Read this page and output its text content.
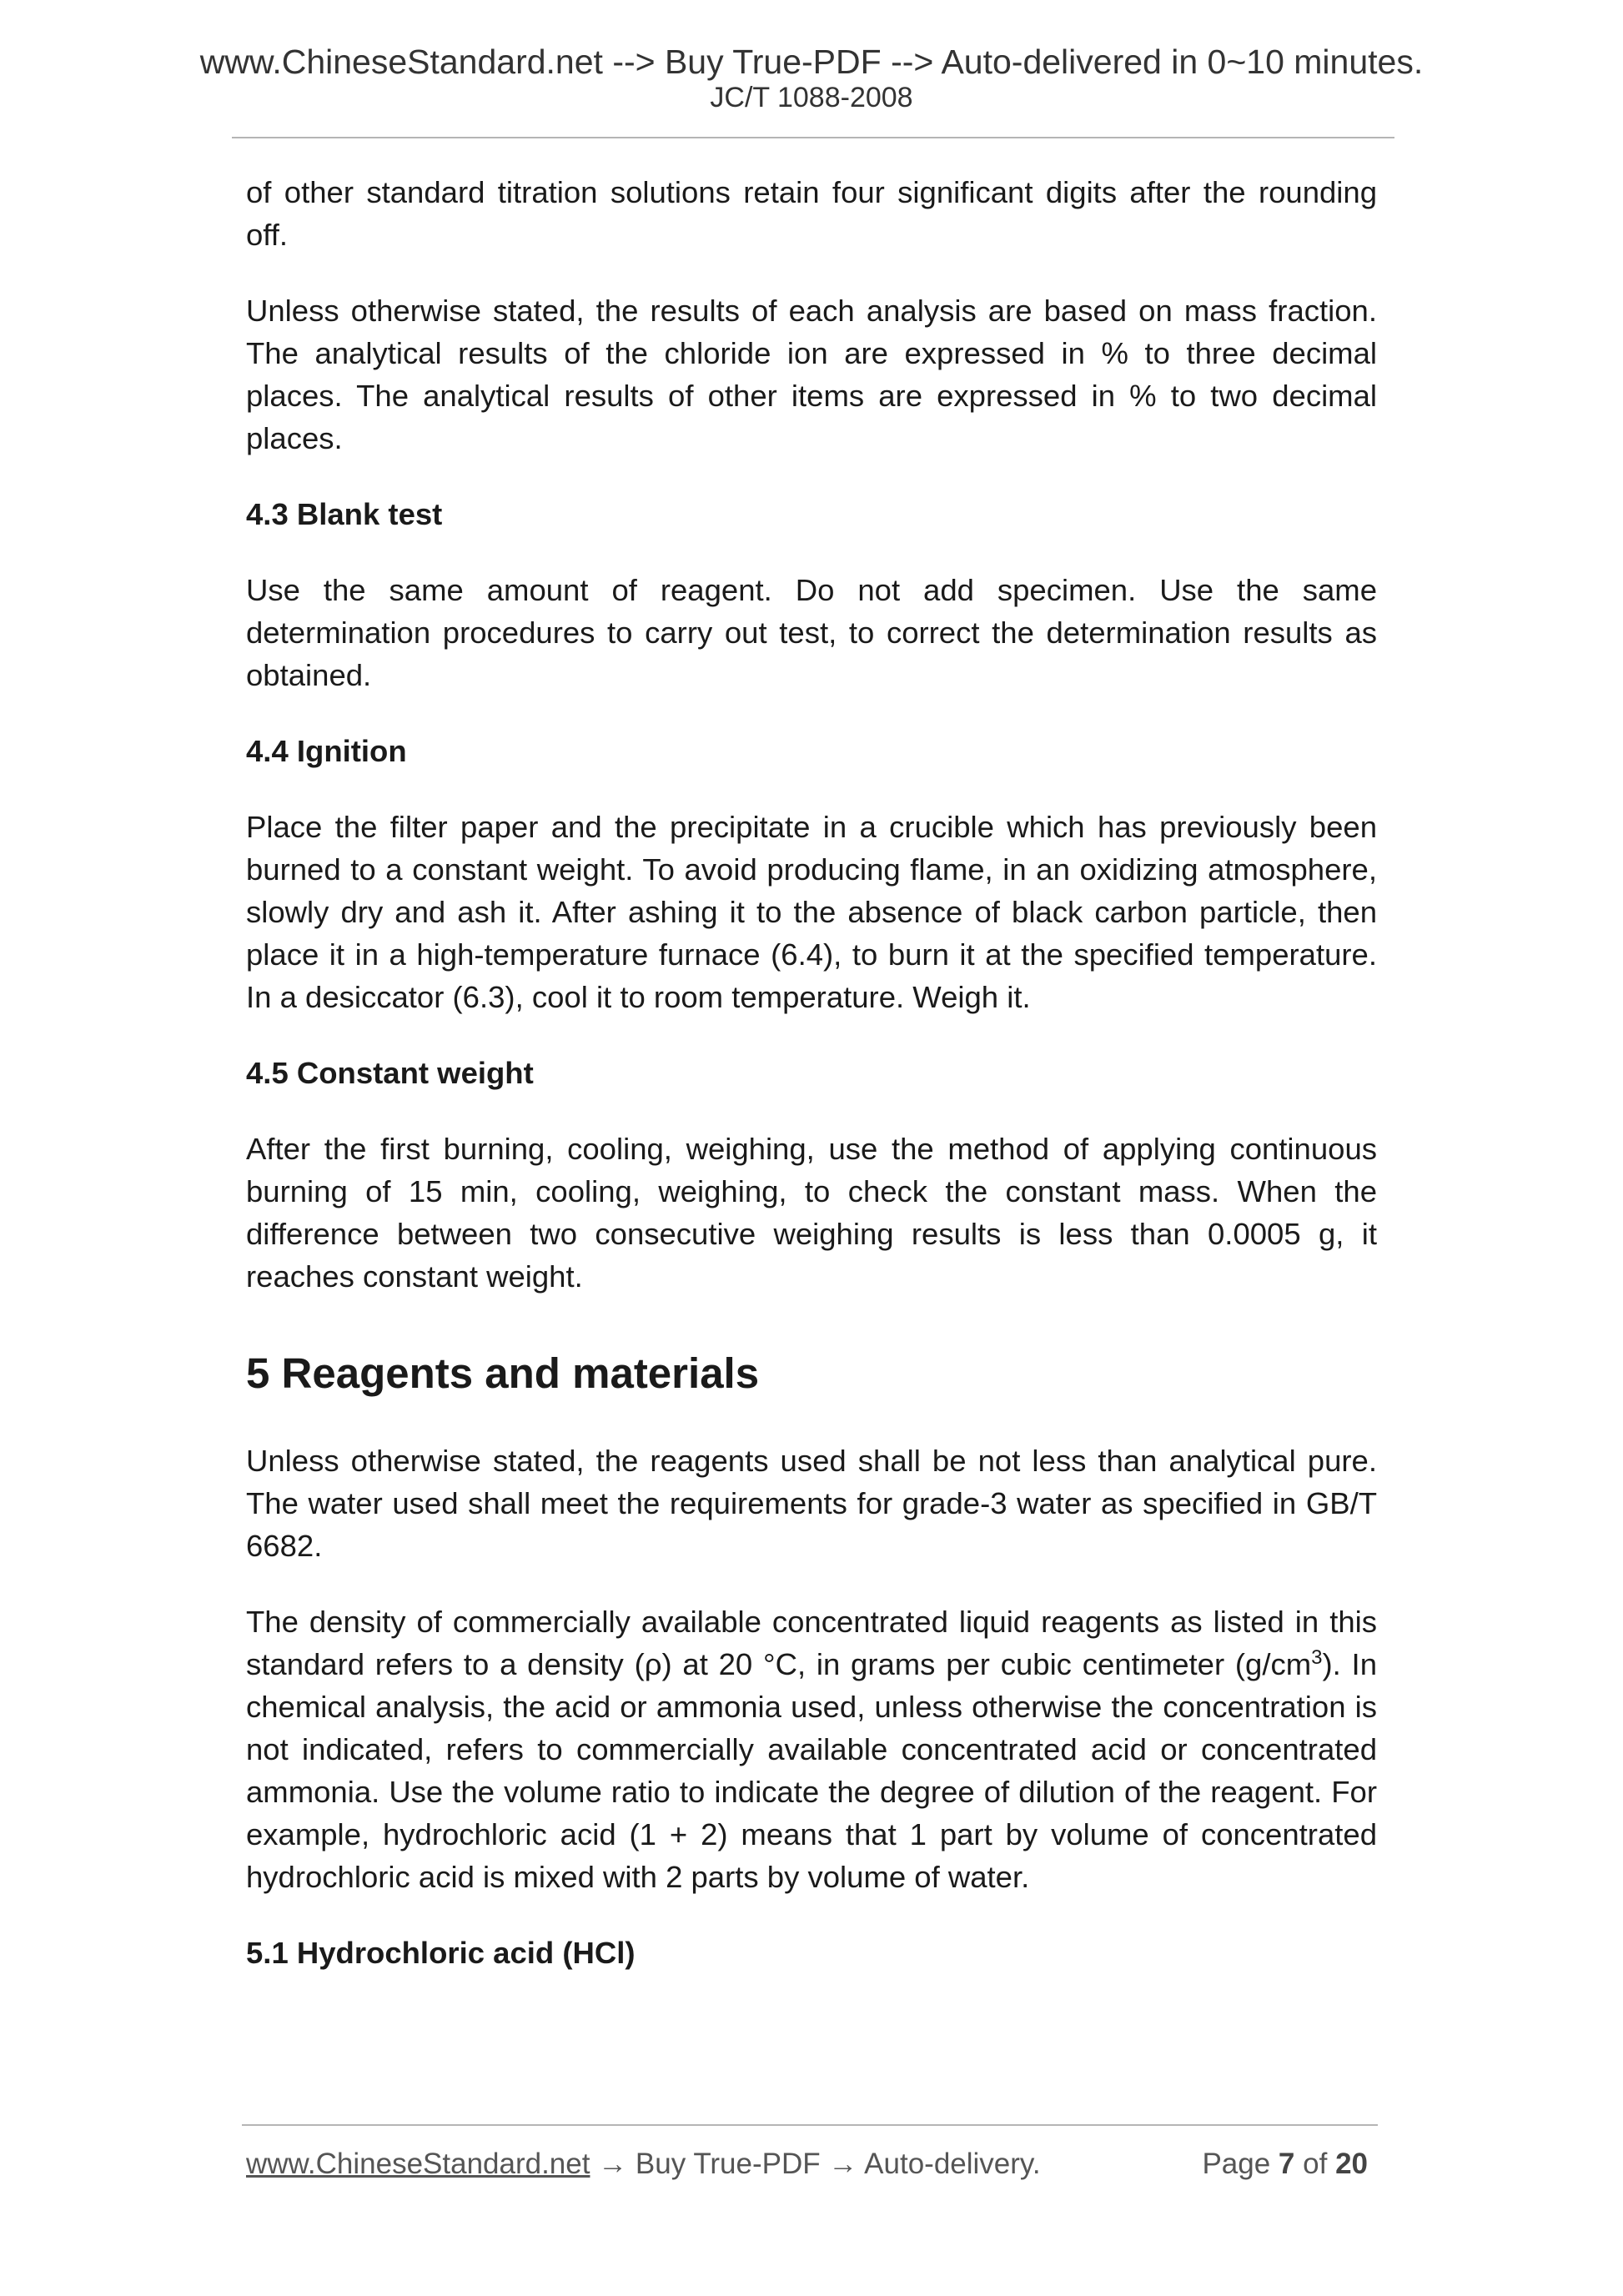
www.ChineseStandard.net --> Buy True-PDF --> Auto-delivered in 0~10 minutes.
JC/T 1088-2008

of other standard titration solutions retain four significant digits after the rounding off.

Unless otherwise stated, the results of each analysis are based on mass fraction. The analytical results of the chloride ion are expressed in % to three decimal places. The analytical results of other items are expressed in % to two decimal places.

4.3 Blank test

Use the same amount of reagent. Do not add specimen. Use the same determination procedures to carry out test, to correct the determination results as obtained.

4.4 Ignition

Place the filter paper and the precipitate in a crucible which has previously been burned to a constant weight. To avoid producing flame, in an oxidizing atmosphere, slowly dry and ash it. After ashing it to the absence of black carbon particle, then place it in a high-temperature furnace (6.4), to burn it at the specified temperature. In a desiccator (6.3), cool it to room temperature. Weigh it.

4.5 Constant weight

After the first burning, cooling, weighing, use the method of applying continuous burning of 15 min, cooling, weighing, to check the constant mass. When the difference between two consecutive weighing results is less than 0.0005 g, it reaches constant weight.

5 Reagents and materials

Unless otherwise stated, the reagents used shall be not less than analytical pure. The water used shall meet the requirements for grade-3 water as specified in GB/T 6682.

The density of commercially available concentrated liquid reagents as listed in this standard refers to a density (ρ) at 20 °C, in grams per cubic centimeter $(g/cm^3)$. In chemical analysis, the acid or ammonia used, unless otherwise the concentration is not indicated, refers to commercially available concentrated acid or concentrated ammonia. Use the volume ratio to indicate the degree of dilution of the reagent. For example, hydrochloric acid (1 + 2) means that 1 part by volume of concentrated hydrochloric acid is mixed with 2 parts by volume of water.

5.1 Hydrochloric acid (HCl)
www.ChineseStandard.net → Buy True-PDF → Auto-delivery.	Page 7 of 20
